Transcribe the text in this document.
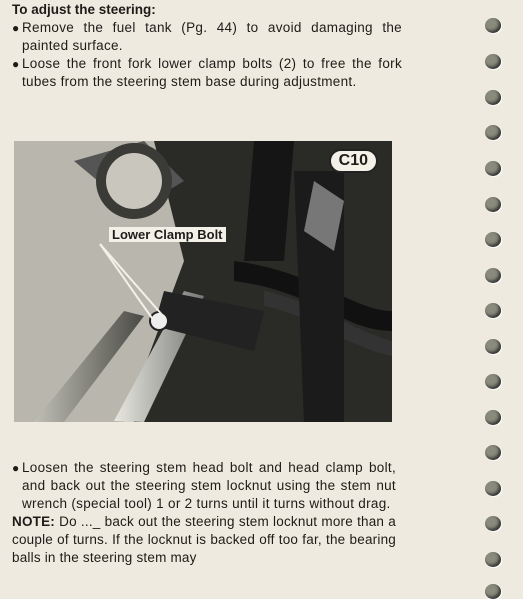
To adjust the steering:

● Remove the fuel tank (Pg. 44) to avoid damaging the painted surface.

● Loose the front fork lower clamp bolts (2) to free the fork tubes from the steering stem base during adjustment.

C10
Lower Clamp Bolt

● Loosen the steering stem head bolt and head clamp bolt, and back out the steering stem locknut using the stem nut wrench (special tool) 1 or 2 turns until it turns without drag.

NOTE: Do ..._ back out the steering stem locknut more than a couple of turns. If the locknut is backed off too far, the bearing balls in the steering stem may
